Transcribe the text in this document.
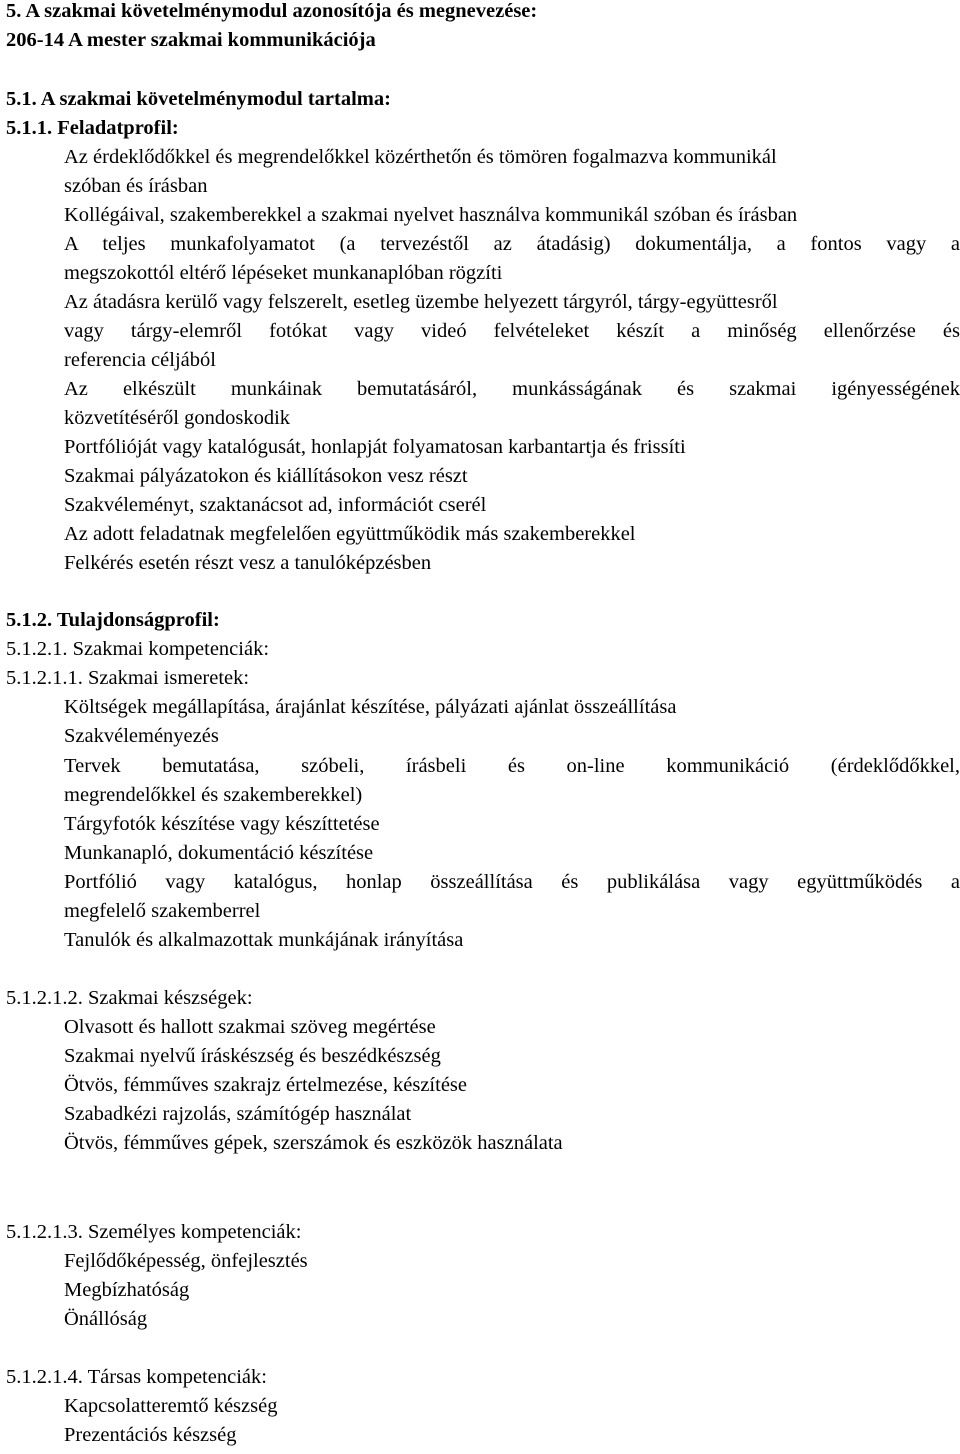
5. A szakmai követelménymodul azonosítója és megnevezése:
206-14 A mester szakmai kommunikációja
5.1. A szakmai követelménymodul tartalma:
5.1.1. Feladatprofil:
Az érdeklődőkkel és megrendelőkkel közérthetőn és tömören fogalmazva kommunikál
szóban és írásban
Kollégáival, szakemberekkel a szakmai nyelvet használva kommunikál szóban és írásban
A teljes munkafolyamatot (a tervezéstől az átadásig) dokumentálja, a fontos vagy a
megszokottól eltérő lépéseket munkanaplóban rögzíti
Az átadásra kerülő vagy felszerelt, esetleg üzembe helyezett tárgyról, tárgy-együttesről
vagy tárgy-elemről fotókat vagy videó felvételeket készít a minőség ellenőrzése és
referencia céljából
Az elkészült munkáinak bemutatásáról, munkásságának és szakmai igényességének
közvetítéséről gondoskodik
Portfólióját vagy katalógusát, honlapját folyamatosan karbantartja és frissíti
Szakmai pályázatokon és kiállításokon vesz részt
Szakvéleményt, szaktanácsot ad, információt cserél
Az adott feladatnak megfelelően együttműködik más szakemberekkel
Felkérés esetén részt vesz a tanulóképzésben
5.1.2. Tulajdonságprofil:
5.1.2.1. Szakmai kompetenciák:
5.1.2.1.1. Szakmai ismeretek:
Költségek megállapítása, árajánlat készítése, pályázati ajánlat összeállítása
Szakvéleményezés
Tervek bemutatása, szóbeli, írásbeli és on-line kommunikáció (érdeklődőkkel,
megrendelőkkel és szakemberekkel)
Tárgyfotók készítése vagy készíttetése
Munkanapló, dokumentáció készítése
Portfólió vagy katalógus, honlap összeállítása és publikálása vagy együttműködés a
megfelelő szakemberrel
Tanulók és alkalmazottak munkájának irányítása
5.1.2.1.2. Szakmai készségek:
Olvasott és hallott szakmai szöveg megértése
Szakmai nyelvű íráskészség és beszédkészség
Ötvös, fémműves szakrajz értelmezése, készítése
Szabadkézi rajzolás, számítógép használat
Ötvös, fémműves gépek, szerszámok és eszközök használata
5.1.2.1.3. Személyes kompetenciák:
Fejlődőképesség, önfejlesztés
Megbízhatóság
Önállóság
5.1.2.1.4. Társas kompetenciák:
Kapcsolatteremtő készség
Prezentációs készség
